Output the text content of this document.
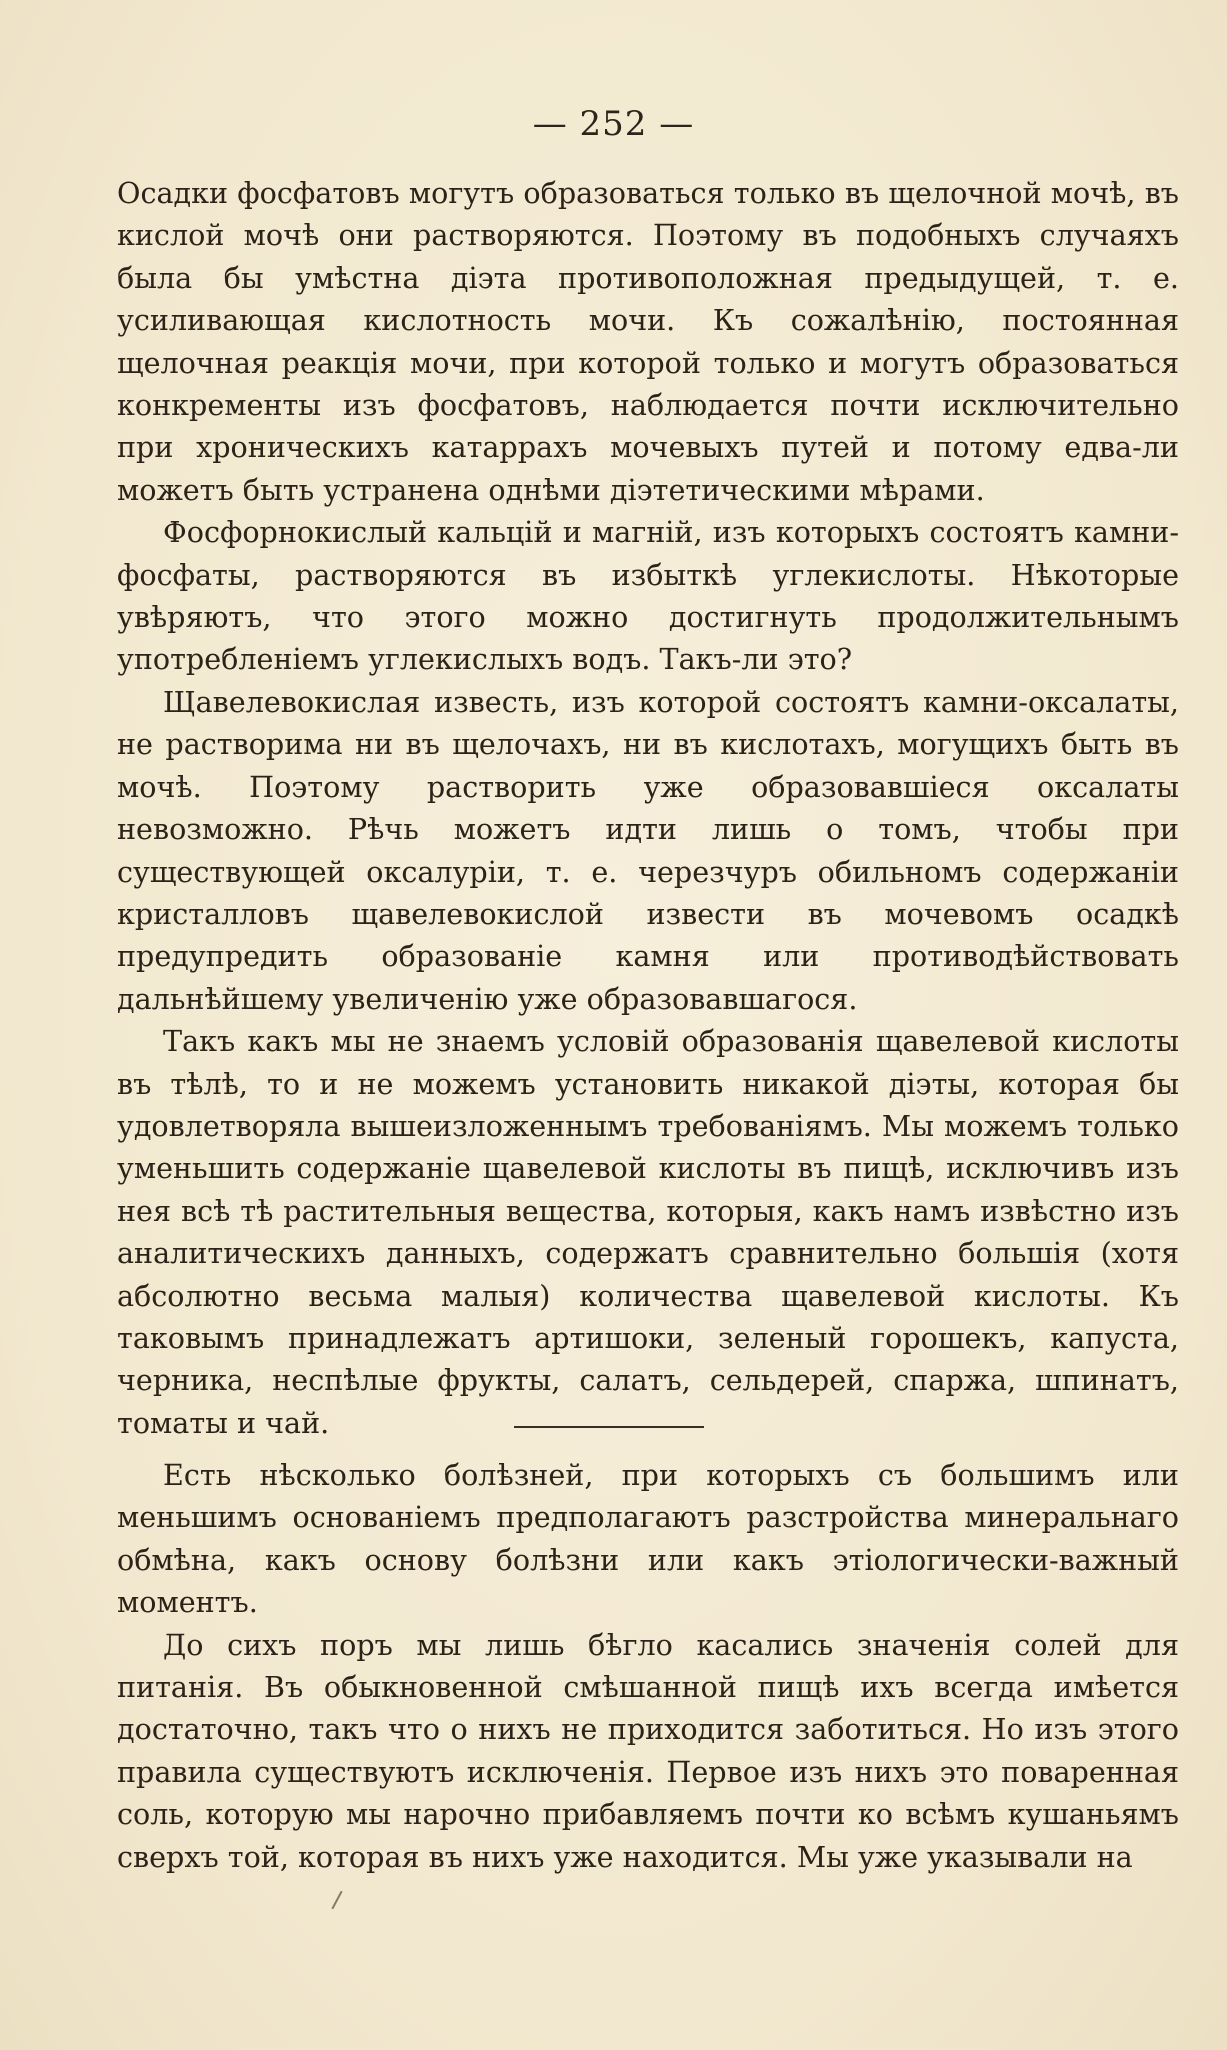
— 252 —

Осадки фосфатовъ могутъ образоваться только въ щелочной мочѣ, въ кислой мочѣ они растворяются. Поэтому въ подобныхъ случаяхъ была бы умѣстна діэта противоположная предыдущей, т. е. усиливающая кислотность мочи. Къ сожалѣнію, постоянная щелочная реакція мочи, при которой только и могутъ образоваться конкременты изъ фосфатовъ, наблюдается почти исключительно при хроническихъ катаррахъ мочевыхъ путей и потому едва-ли можетъ быть устранена однѣми діэтетическими мѣрами.

Фосфорнокислый кальцій и магній, изъ которыхъ состоятъ камни-фосфаты, растворяются въ избыткѣ углекислоты. Нѣкоторые увѣряютъ, что этого можно достигнуть продолжительнымъ употребленіемъ углекислыхъ водъ. Такъ-ли это?

Щавелевокислая известь, изъ которой состоятъ камни-оксалаты, не растворима ни въ щелочахъ, ни въ кислотахъ, могущихъ быть въ мочѣ. Поэтому растворить уже образовавшіеся оксалаты невозможно. Рѣчь можетъ идти лишь о томъ, чтобы при существующей оксалуріи, т. е. черезчуръ обильномъ содержаніи кристалловъ щавелевокислой извести въ мочевомъ осадкѣ предупредить образованіе камня или противодѣйствовать дальнѣйшему увеличенію уже образовавшагося.

Такъ какъ мы не знаемъ условій образованія щавелевой кислоты въ тѣлѣ, то и не можемъ установить никакой діэты, которая бы удовлетворяла вышеизложеннымъ требованіямъ. Мы можемъ только уменьшить содержаніе щавелевой кислоты въ пищѣ, исключивъ изъ нея всѣ тѣ растительныя вещества, которыя, какъ намъ извѣстно изъ аналитическихъ данныхъ, содержатъ сравнительно большія (хотя абсолютно весьма малыя) количества щавелевой кислоты. Къ таковымъ принадлежатъ артишоки, зеленый горошекъ, капуста, черника, неспѣлые фрукты, салатъ, сельдерей, спаржа, шпинатъ, томаты и чай.

Есть нѣсколько болѣзней, при которыхъ съ большимъ или меньшимъ основаніемъ предполагаютъ разстройства минеральнаго обмѣна, какъ основу болѣзни или какъ этіологически-важный моментъ.

До сихъ поръ мы лишь бѣгло касались значенія солей для питанія. Въ обыкновенной смѣшанной пищѣ ихъ всегда имѣется достаточно, такъ что о нихъ не приходится заботиться. Но изъ этого правила существуютъ исключенія. Первое изъ нихъ это поваренная соль, которую мы нарочно прибавляемъ почти ко всѣмъ кушаньямъ сверхъ той, которая въ нихъ уже находится. Мы уже указывали на
